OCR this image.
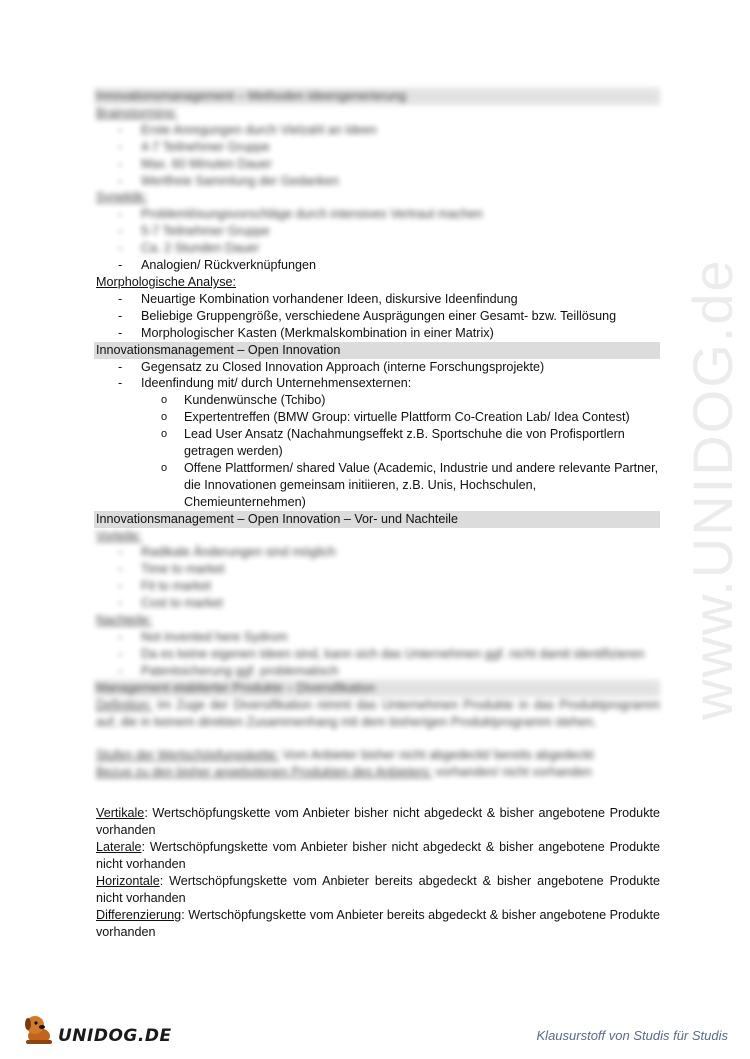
www.UNIDOG.de
Innovationsmanagement – Methoden Ideengenerierung
Brainstorming:
- Erste Anregungen durch Vielzahl an Ideen
- 4-7 Teilnehmer Gruppe
- Max. 60 Minuten Dauer
- Wertfreie Sammlung der Gedanken
Synektik:
- Problemlösungsvorschläge durch intensives Vertraut machen
- 5-7 Teilnehmer Gruppe
- Ca. 2 Stunden Dauer
- Analogien/ Rückverknüpfungen
Morphologische Analyse:
- Neuartige Kombination vorhandener Ideen, diskursive Ideenfindung
- Beliebige Gruppengröße, verschiedene Ausprägungen einer Gesamt- bzw. Teillösung
- Morphologischer Kasten (Merkmalskombination in einer Matrix)
Innovationsmanagement – Open Innovation
- Gegensatz zu Closed Innovation Approach (interne Forschungsprojekte)
- Ideenfindung mit/ durch Unternehmensexternen:
o Kundenwünsche (Tchibo)
o Expertentreffen (BMW Group: virtuelle Plattform Co-Creation Lab/ Idea Contest)
o Lead User Ansatz (Nachahmungseffekt z.B. Sportschuhe die von Profisportlern getragen werden)
o Offene Plattformen/ shared Value (Academic, Industrie und andere relevante Partner, die Innovationen gemeinsam initiieren, z.B. Unis, Hochschulen, Chemieunternehmen)
Innovationsmanagement – Open Innovation – Vor- und Nachteile
Vorteile:
- Radikale Änderungen sind möglich
- Time to market
- Fit to market
- Cost to market
Nachteile:
- Not invented here Sydrom
- Da es keine eigenen Ideen sind, kann sich das Unternehmen ggf. nicht damit identifizieren
- Patentsicherung ggf. problematisch
Management etablierter Produkte – Diversifikation
Definition: Im Zuge der Diversifikation nimmt das Unternehmen Produkte in das Produktprogramm auf, die in keinem direkten Zusammenhang mit dem bisherigen Produktprogramm stehen.
Stufen der Wertschöpfungskette: Vom Anbieter bisher nicht abgedeckt/ bereits abgedeckt
Bezug zu den bisher angebotenen Produkten des Anbieters: vorhanden/ nicht vorhanden
Vertikale: Wertschöpfungskette vom Anbieter bisher nicht abgedeckt & bisher angebotene Produkte vorhanden
Laterale: Wertschöpfungskette vom Anbieter bisher nicht abgedeckt & bisher angebotene Produkte nicht vorhanden
Horizontale: Wertschöpfungskette vom Anbieter bereits abgedeckt & bisher angebotene Produkte nicht vorhanden
Differenzierung: Wertschöpfungskette vom Anbieter bereits abgedeckt & bisher angebotene Produkte vorhanden
UNIDOG.DE	Klausurstoff von Studis für Studis
